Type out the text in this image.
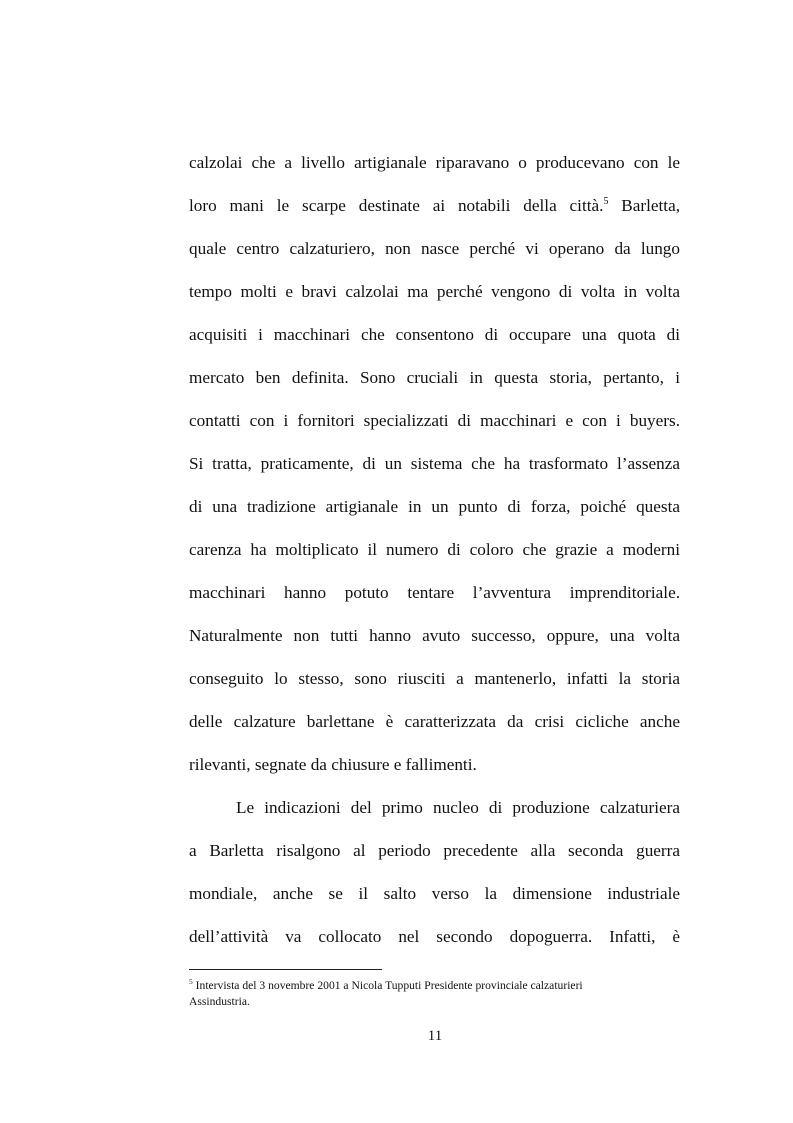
calzolai che a livello artigianale riparavano o producevano con le
loro mani le scarpe destinate ai notabili della città.$^5$ Barletta,
quale centro calzaturiero, non nasce perché vi operano da lungo
tempo molti e bravi calzolai ma perché vengono di volta in volta
acquisiti i macchinari che consentono di occupare una quota di
mercato ben definita. Sono cruciali in questa storia, pertanto, i
contatti con i fornitori specializzati di macchinari e con i buyers.
Si tratta, praticamente, di un sistema che ha trasformato l’assenza
di una tradizione artigianale in un punto di forza, poiché questa
carenza ha moltiplicato il numero di coloro che grazie a moderni
macchinari hanno potuto tentare l’avventura imprenditoriale.
Naturalmente non tutti hanno avuto successo, oppure, una volta
conseguito lo stesso, sono riusciti a mantenerlo, infatti la storia
delle calzature barlettane è caratterizzata da crisi cicliche anche
rilevanti, segnate da chiusure e fallimenti.
Le indicazioni del primo nucleo di produzione calzaturiera
a Barletta risalgono al periodo precedente alla seconda guerra
mondiale, anche se il salto verso la dimensione industriale
dell’attività va collocato nel secondo dopoguerra. Infatti, è
$^5$ Intervista del 3 novembre 2001 a Nicola Tupputi Presidente provinciale calzaturieri
Assindustria.
11
